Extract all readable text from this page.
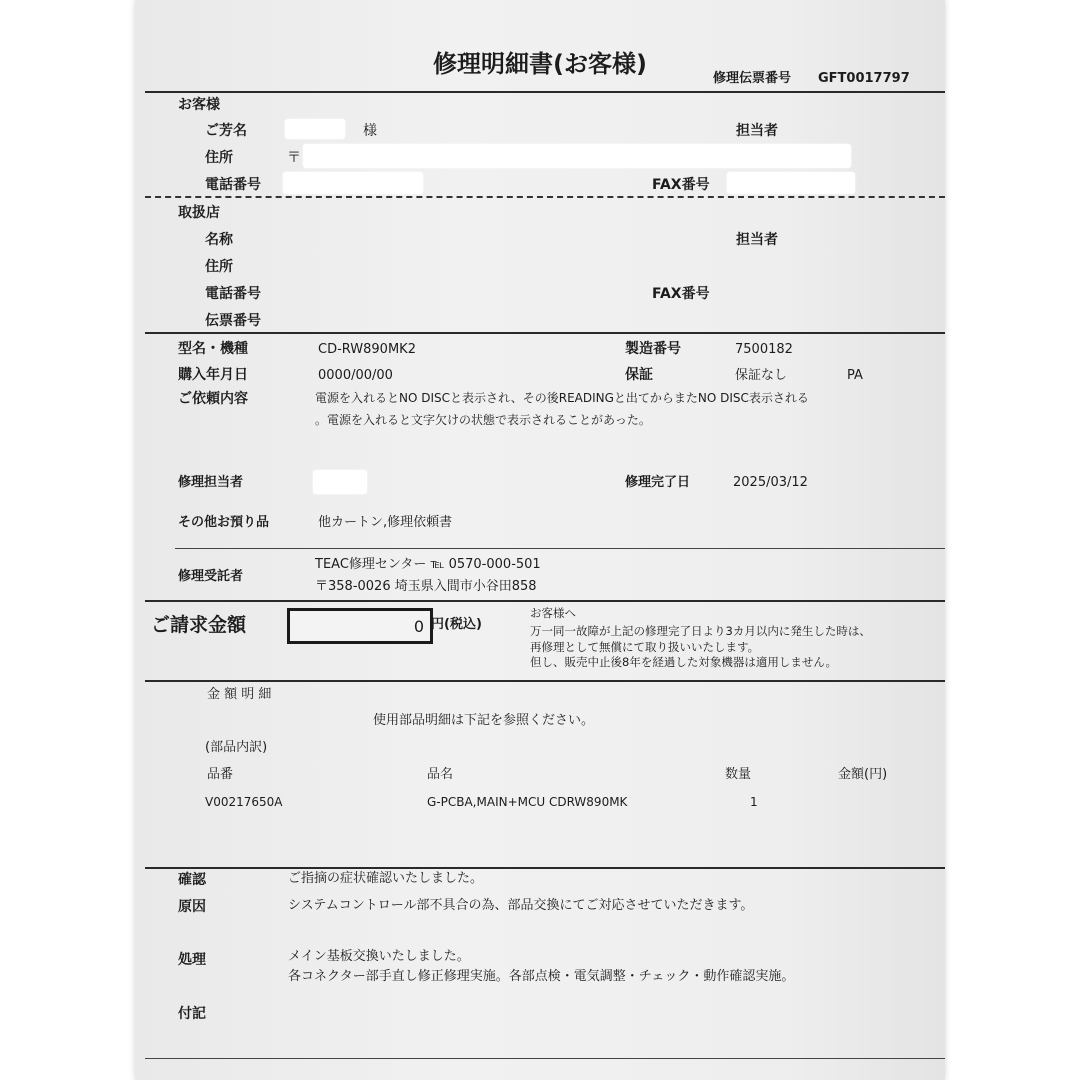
修理明細書(お客様)
修理伝票番号 GFT0017797
お客様
ご芳名	様	担当者
住所	〒
電話番号	FAX番号
取扱店
名称	担当者
住所
電話番号	FAX番号
伝票番号
型名・機種	CD-RW890MK2	製造番号	7500182
購入年月日	0000/00/00	保証	保証なし	PA
ご依頼内容	電源を入れるとNO DISCと表示され、その後READINGと出てからまたNO DISC表示される
。電源を入れると文字欠けの状態で表示されることがあった。
修理担当者	修理完了日	2025/03/12
その他お預り品	他カートン,修理依頼書
修理受託者
TEAC修理センター ℡ 0570-000-501
〒358-0026 埼玉県入間市小谷田858
ご請求金額	0 円(税込)
お客様へ
万一同一故障が上記の修理完了日より3カ月以内に発生した時は、
再修理として無償にて取り扱いいたします。
但し、販売中止後8年を経過した対象機器は適用しません。
金 額 明 細
使用部品明細は下記を参照ください。
(部品内訳)
品番	品名	数量	金額(円)
V00217650A	G-PCBA,MAIN+MCU CDRW890MK	1
確認	ご指摘の症状確認いたしました。
原因	システムコントロール部不具合の為、部品交換にてご対応させていただきます。
処理	メイン基板交換いたしました。
各コネクター部手直し修正修理実施。各部点検・電気調整・チェック・動作確認実施。
付記
